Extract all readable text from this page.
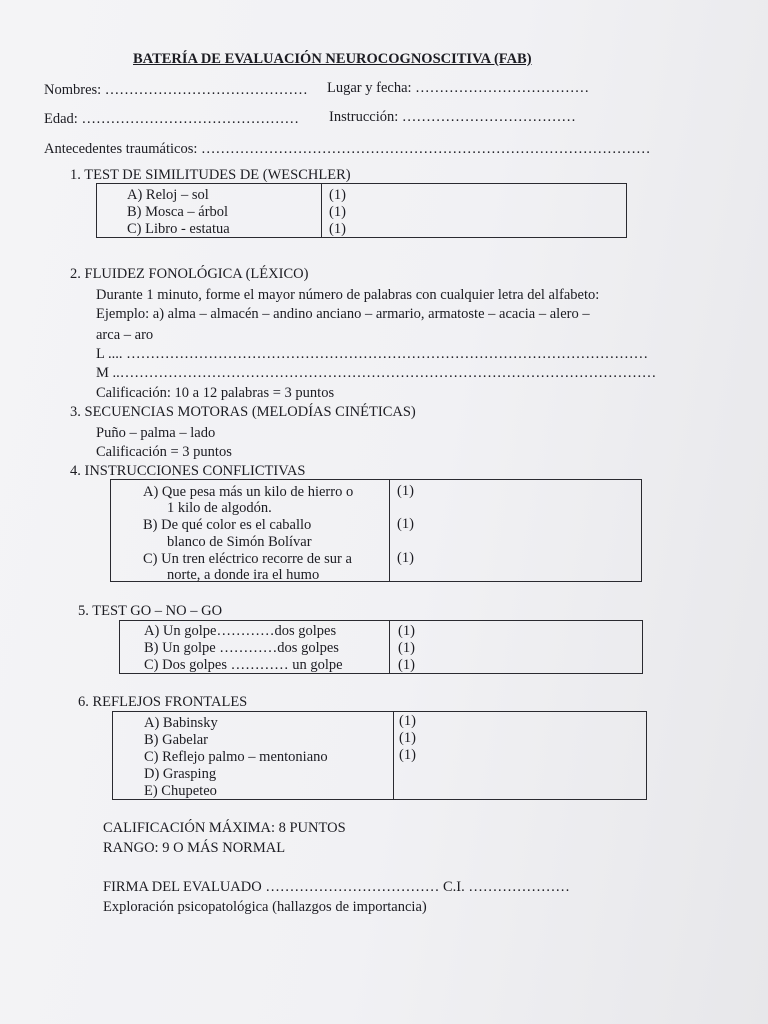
BATERÍA DE EVALUACIÓN NEUROCOGNOSCITIVA (FAB)
Nombres: …………………………………… Lugar y fecha: ………………………………
Edad: ……………………………………… Instrucción: ………………………………
Antecedentes traumáticos: …………………………………………………………………………………
1. TEST DE SIMILITUDES DE (WESCHLER)
A) Reloj – sol	(1)
B) Mosca – árbol	(1)
C) Libro - estatua	(1)
2. FLUIDEZ FONOLÓGICA (LÉXICO)
Durante 1 minuto, forme el mayor número de palabras con cualquier letra del alfabeto:
Ejemplo: a) alma – almacén – andino anciano – armario, armatoste – acacia – alero –
arca – aro
L .... ………………………………………………………………………………………………
M ..…………………………………………………………………………………………………
Calificación: 10 a 12 palabras = 3 puntos
3. SECUENCIAS MOTORAS (MELODÍAS CINÉTICAS)
Puño – palma – lado
Calificación = 3 puntos
4. INSTRUCCIONES CONFLICTIVAS
A) Que pesa más un kilo de hierro o
1 kilo de algodón.
(1)
B) De qué color es el caballo
blanco de Simón Bolívar
(1)
C) Un tren eléctrico recorre de sur a
norte, a donde ira el humo
(1)
5. TEST GO – NO – GO
A) Un golpe…………dos golpes	(1)
B) Un golpe …………dos golpes	(1)
C) Dos golpes ………… un golpe	(1)
6. REFLEJOS FRONTALES
A) Babinsky	(1)
B) Gabelar	(1)
C) Reflejo palmo – mentoniano	(1)
D) Grasping
E) Chupeteo
CALIFICACIÓN MÁXIMA: 8 PUNTOS
RANGO: 9 O MÁS NORMAL
FIRMA DEL EVALUADO ……………………………… C.I. …………………
Exploración psicopatológica (hallazgos de importancia)
